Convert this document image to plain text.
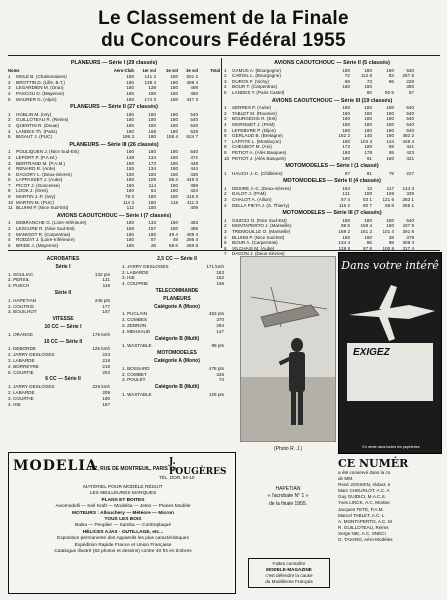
Le Classement de la Finale
du Concours Fédéral 1955
PLANEURS — Série I (29 classés)
Noms	Aéro-Club	1er vol	2e vol	3e vol	Total
1	MOLE B. (Chalonnaises)	180	141 2	180	501 2
2	BROTTIN D. (Lille, B.T.)	180	138 4	180	498 4
3	LEGARDIEN M. (Oran)	180	138	180	498
4	PASCOU D. (Mayenne)	180	180	160	460
5	MAURER G. (Alpin)	180	174 3	180	447 3
PLANEURS — Série II (27 classés)
1	HOBLIN M. (Ivry)	180	180	180	540
2	GUILLOTEAU R. (Reims)	180	180	180	540
3	QUENTIN R. (Douai)	180	180	180	540
4	LANDES Th. (Paris)	180	168	180	528
5	BIGAUT J. (PUC)	186 3	180	158 4	524 7
PLANEURS — Série III (26 classés)
1	POULIQUEN J. (Nice Sud-Est)	180	180	180	540
2	LEPORT P. (P.A.M.)	138	134	180	472
3	BERTRAND M. (P.A.M.)	180	173	180	448
4	RENARD R. (Arde)	150	134	180	444
5	DAGORY L. (Deux-Sèvres)	150	180	180	430
6	LAPPASSET J. (Aube)	180	109	85 3	449 3
7	PICOT J. (Goncesse)	180	114	180	399
8	LOOK J. (Ores)	180	64	180	424
9	MARTIN J.-P. (Ivry)	76 3	180	180	416 3
10 MARTIN M. (PUC)	114 3	180	115	411 3
11 BLUHM P. (Nice Sud-Est)	112	180	409
AVIONS CAOUTCHOUC — Série I (7 classés)
1	DEBRANCHE G. (Loire-Inférieure)	180	133	180	493
2	LESCURE R. (Nice Sud-Est)	158	157	180	495
3	MANIGOT R. (Carpentras)	180	180	49 4	409 4
4	RODZAT J. (Loire-Inférieure)	180	57	49	286 4
5	BRIDE J. (Mayenne)	180	28	59 6	266 6
AVIONS CAOUTCHOUC — Série II (5 classés)
1	GAMUS A. (Bourgogne)	180	180	180	540
2	CAROIL L. (Bourgogne)	72	112 6	83	267 6
3	DUROX F. (Vichy)	69	73	86	228
4	BOUR T. (Carpentras)	180	180	360
5	LANDES T. (Paris Castel)	60	50 5	67
AVIONS CAOUTCHOUC — Série III (19 classés)
1	SERRES P. (Aube)	180	180	180	540
2	TABLET M. (Roumier)	180	180	180	540
3	BOURGEOIS R. (Est)	180	180	180	540
4	MORISSET J. (PAM)	180	180	180	540
5	LEFEBVRE P. (Dijon)	180	180	180	540
6	GERLAUD B. (Bretagne)	162 2	140	180	482 2
7	LAFFITE L. (Montluçon)	180	104 4	144	428 4
8	CHEUBOT M. (Ain)	172	180	69	421
9	PETIOT A. (Alès Basques)	180	178	65	423
10 PETIOT J. (Alès Basques)	180	91	180	421
MOTOMODELES — Série I (1 classé)
1	HAUCH J.-C. (Chillières)	67	81	79	227
MOTOMODELES — Série II (4 classés)
1	DESIRE J.-C. (Deux-Sèvres)	164	13	117	144 3
2	DALOT J. (PAM)	131	100	108	339
3	CHALOT A. (Ailion)	67 4	53 1	121 6	283 1
4	DELLA PIETA J. (S. Thierry)	116 2	80 7	58 8	255 1
MOTOMODELES — Série III (7 classés)
1	GIUDICI O. (Nice Sud-Est)	180	180	180	540
2	MONTAPERTO J. (Marseille)	99 5	158 4	180	437 9
3	TREMOUILLE O. (Marseille)	169 2	161 2	101 4	391 8
4	BLUHM P. (Nice Sud-Est)	160	180	39	379
5	BOUR A. (Carpentras)	134 4	86	88	308 4
6	VILCHAIS M. (Aube)	128 8	87 8	100 8	317 4
7	DAGON J. (Deux-Sèvres)
ACROBATIES
Série I
1. SOULIAC	132 pts
2. PERSIL	131
3. PUECH	119
Série II
1. HAPETIAN	246 pts
2. COUTRIS	177
3. BOUILHOT	157
VITESSE
10 CC — Série I
1. ORANGE	176 kmh
10 CC — Série II
1. DEBORDE	125 kmh
2. JARRY DESLOGES	223
3. LABARDE	218
4. BORREYRE	216
5. COURTIE	204
6 CC — Série II
1. JARRY DESLOGES	228 kmh
2. LABARDE	209
3. COURTIE	190
4. HIE	187
2,5 CC — Série II
1. JARRY DESLOGES	171 kmh
2. LABARDE	163
3. HIE	162
4. COUPRIE	158
TELECOMMANDE
PLANEURS
Catégorie A (Mono)
1. PUCLAIN	453 pts
2. COMBES	370
3. ZEBRON	294
4. MEHSAUD	147
Catégorie B (Multi)
1. WASTABLE	99 pts
MOTOMODELES
Catégorie A (Mono)
1. BOSSARD	478 pts
2. COMBET	326
3. POULET	74
Catégorie B (Multi)
1. WASTABLE	129 pts
(Photo R. J.)
Dans votre intérê
EXIGEZ
En vente dans toutes les papeteries
MODELIA
107, RUE DE MONTREUIL, PARIS XIe
J. FOUGÈRES
TÉL. DOR. 94-10
MATÉRIEL POUR MODÈLE RÉDUIT
LES MEILLEURES MARQUES
PLANS ET BOITES
Aviomodelli — Keil Kraft — Modelita — Jetex — Planes Modèle
MOTEURS : Allouchery — Météore — Micron
TOUS LES BOIS
Balsa — Peuplier — Samba — Contreplaqué
HÉLICES AJAX · OUTILLAGE, etc...
Exposition permanente des Appareils les plus caractéristiques
Expédition Rapide France et Union Française
Catalogue illustré (62 photos et dessins) contre 40 frs en timbres
HAPETIAN
« l'acrobate N° 1 »
de la finale 1955.
Faites connaître
MODELE-MAGAZINE
c'est défendre la cause
du Modélisme Français
CE NUMÉR
a été conservé dans la co
de MM.
René JOSSIEN, rédact. e
Marc CHEURLOT, A.C. A
Guy GUIDICI, M.A.C.S.
Yves LINCK, A.C. Moisse
Jacques TETE, P.A.M.
Marcel TABLET, A.C. L
A. MONTAPERTO, A.C. M
R. GUILLOTEAU, Reims
Serge NIE, A.C. SNECI
G. TAVARD, Aéro-Modèles
